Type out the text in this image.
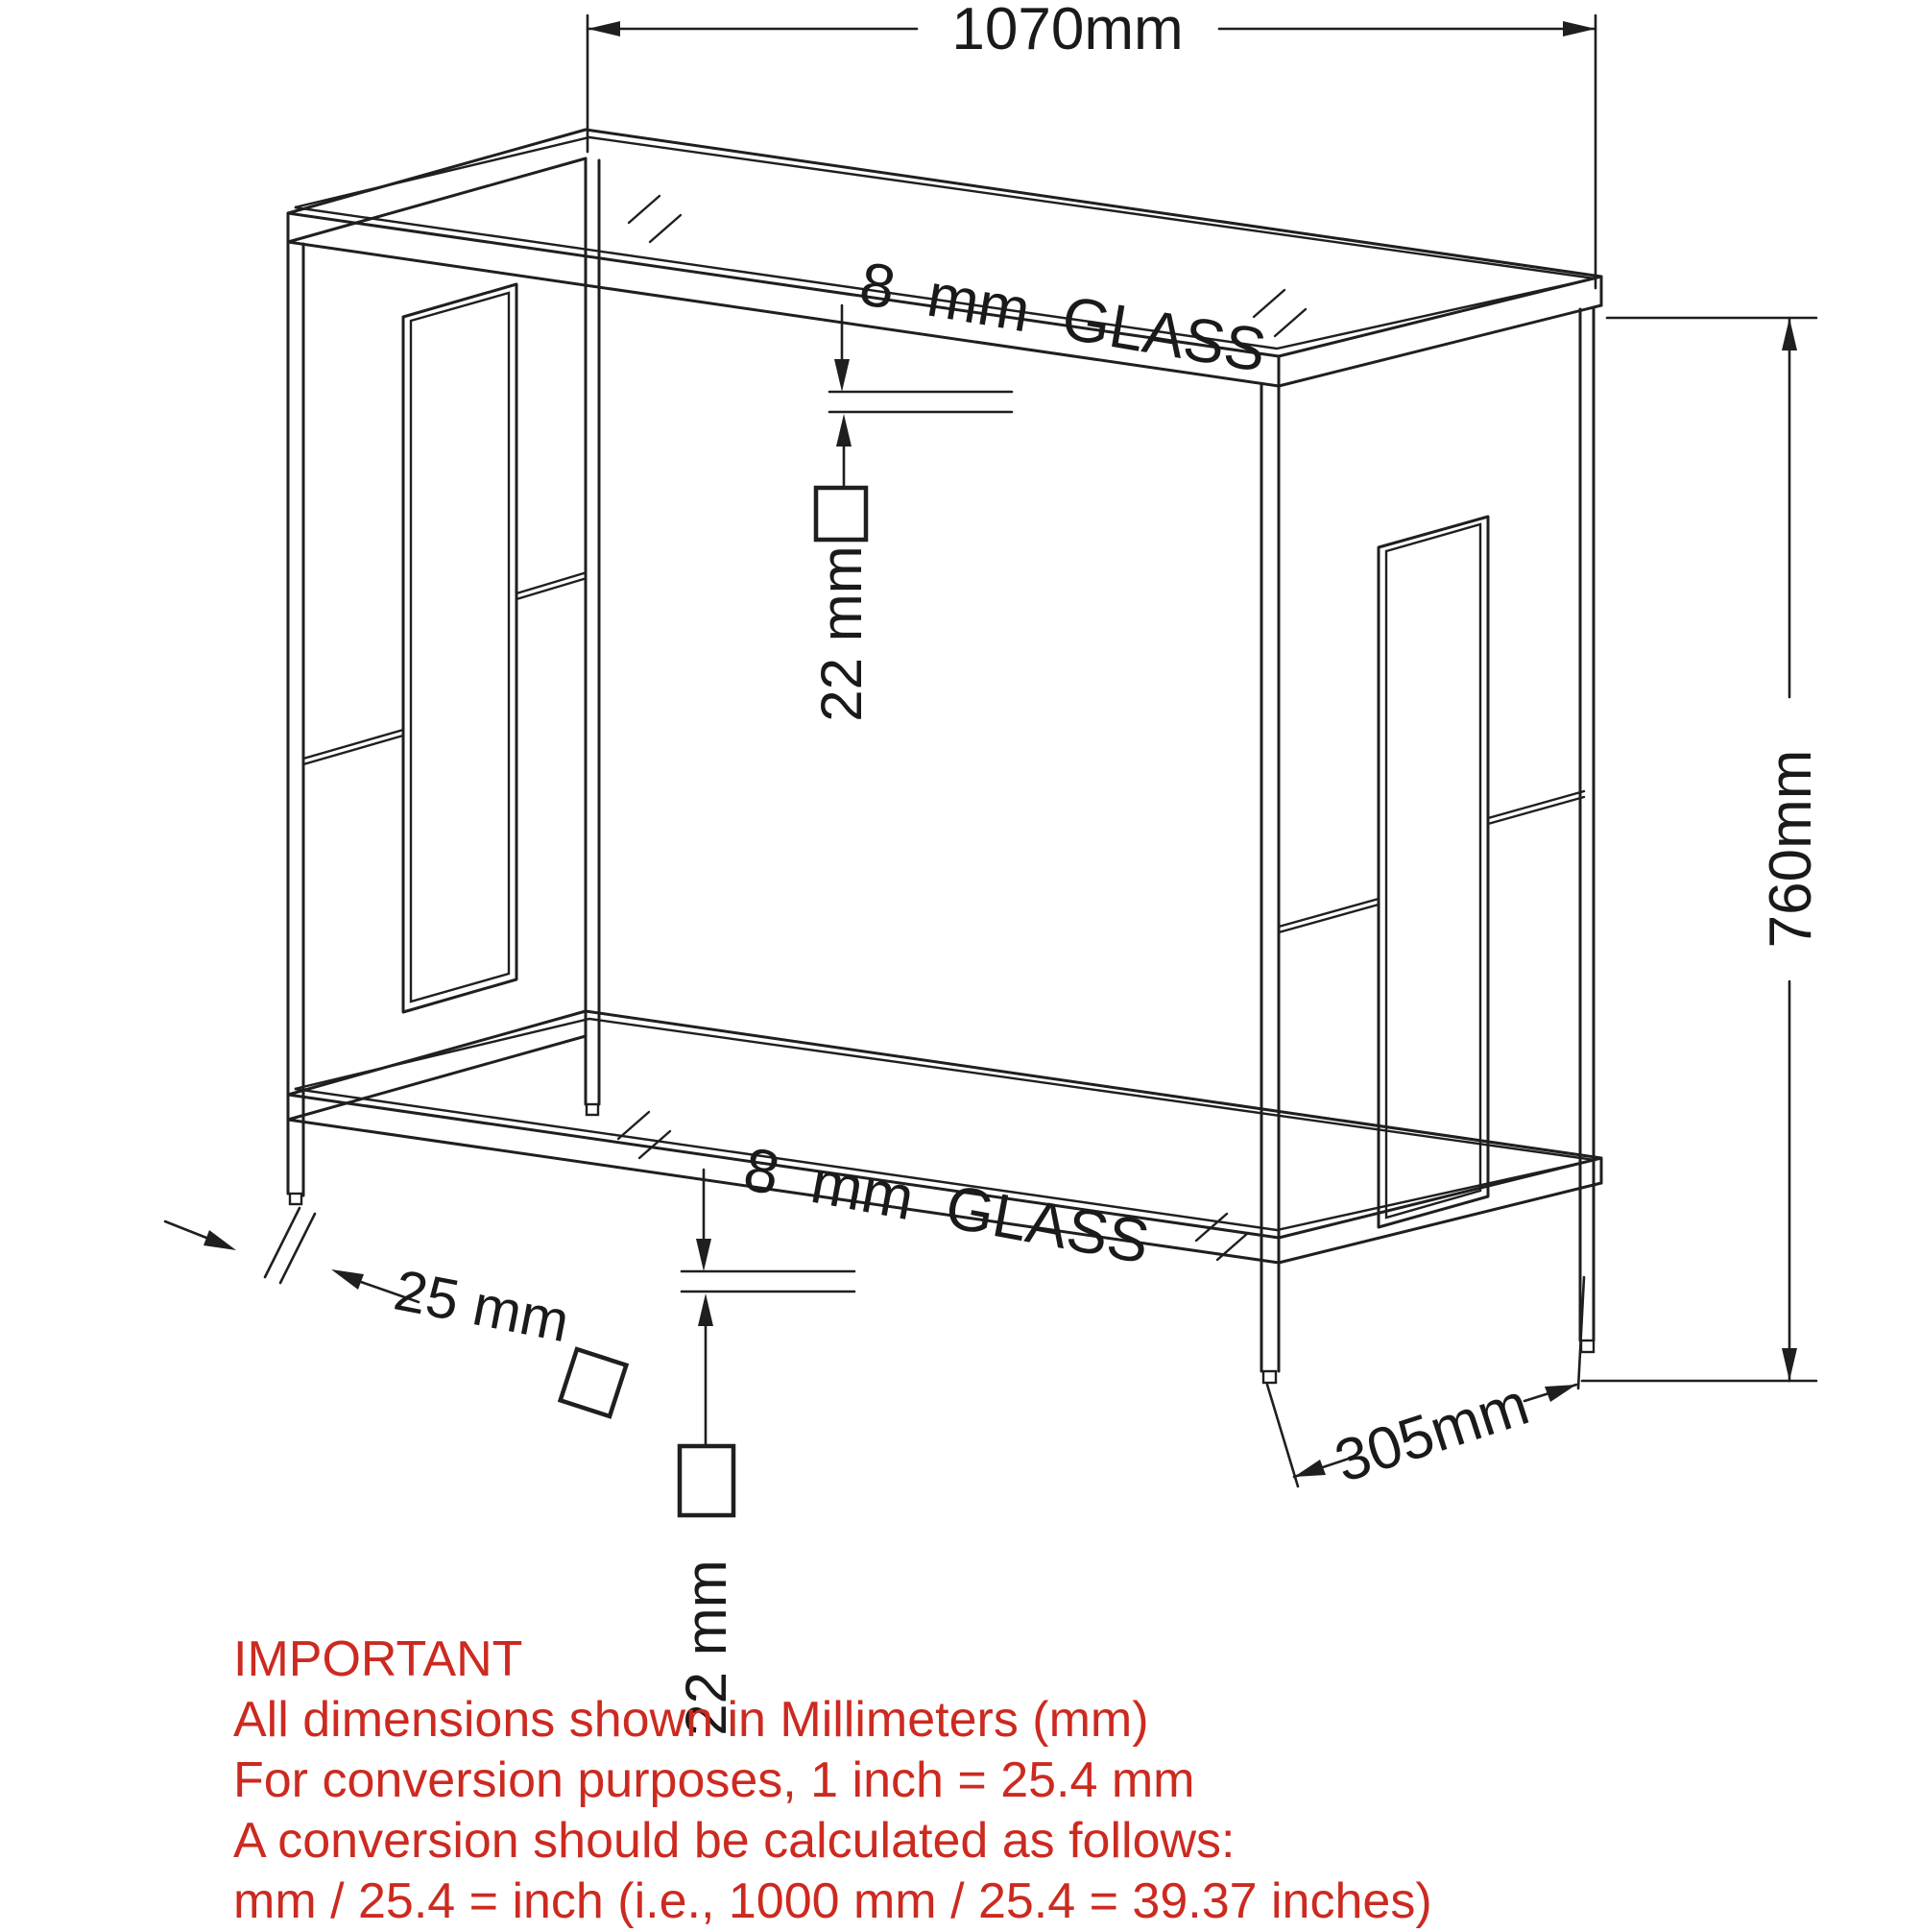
1070mm
760mm
305mm
8 mm GLASS
22 mm
8 mm GLASS
22 mm
25 mm
IMPORTANT
All dimensions shown in Millimeters (mm)
For conversion purposes, 1 inch = 25.4 mm
A conversion should be calculated as follows:
mm / 25.4 = inch (i.e., 1000 mm / 25.4 = 39.37 inches)
